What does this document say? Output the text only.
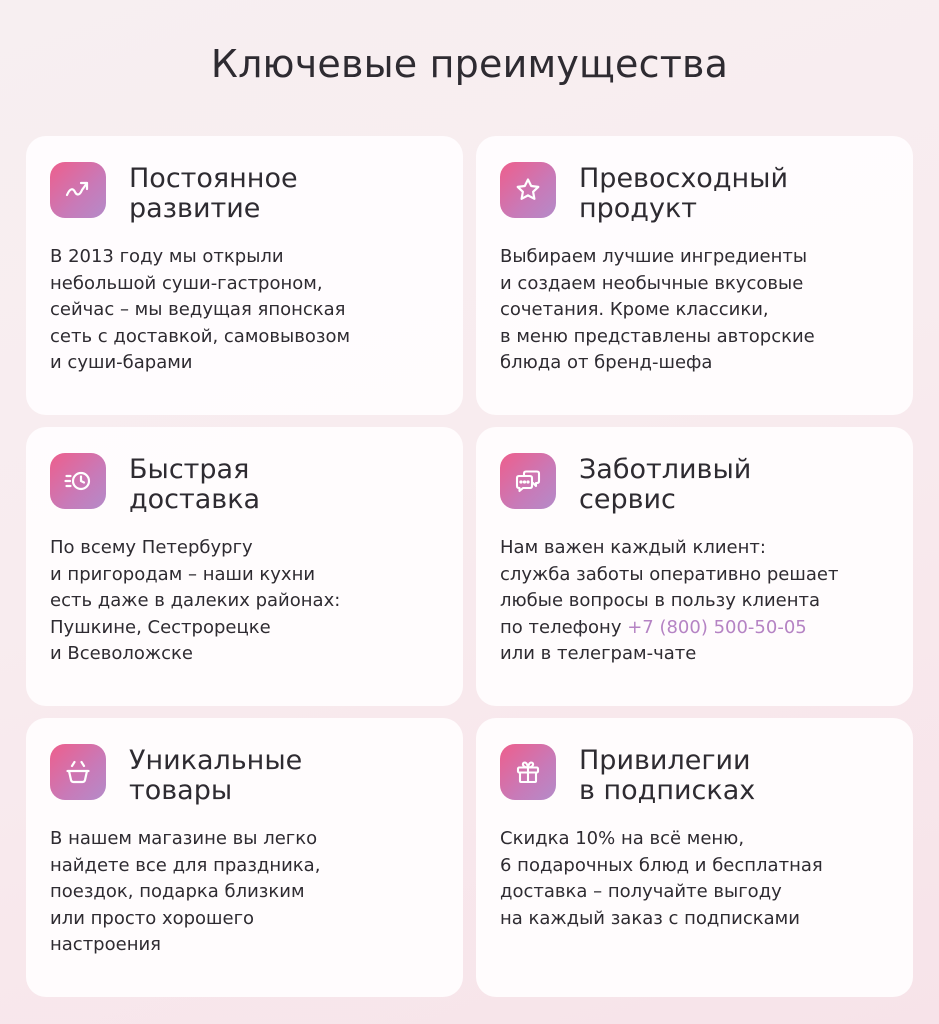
Ключевые преимущества
Постоянное
развитие

В 2013 году мы открыли
небольшой суши-гастроном,
сейчас – мы ведущая японская
сеть с доставкой, самовывозом
и суши-барами

Превосходный
продукт

Выбираем лучшие ингредиенты
и создаем необычные вкусовые
сочетания. Кроме классики,
в меню представлены авторские
блюда от бренд-шефа

Быстрая
доставка

По всему Петербургу
и пригородам – наши кухни
есть даже в далеких районах:
Пушкине, Сестрорецке
и Всеволожске

Заботливый
сервис

Нам важен каждый клиент:
служба заботы оперативно решает
любые вопросы в пользу клиента
по телефону +7 (800) 500-50-05
или в телеграм-чате

Уникальные
товары

В нашем магазине вы легко
найдете все для праздника,
поездок, подарка близким
или просто хорошего
настроения

Привилегии
в подписках

Скидка 10% на всё меню,
6 подарочных блюд и бесплатная
доставка – получайте выгоду
на каждый заказ с подписками
